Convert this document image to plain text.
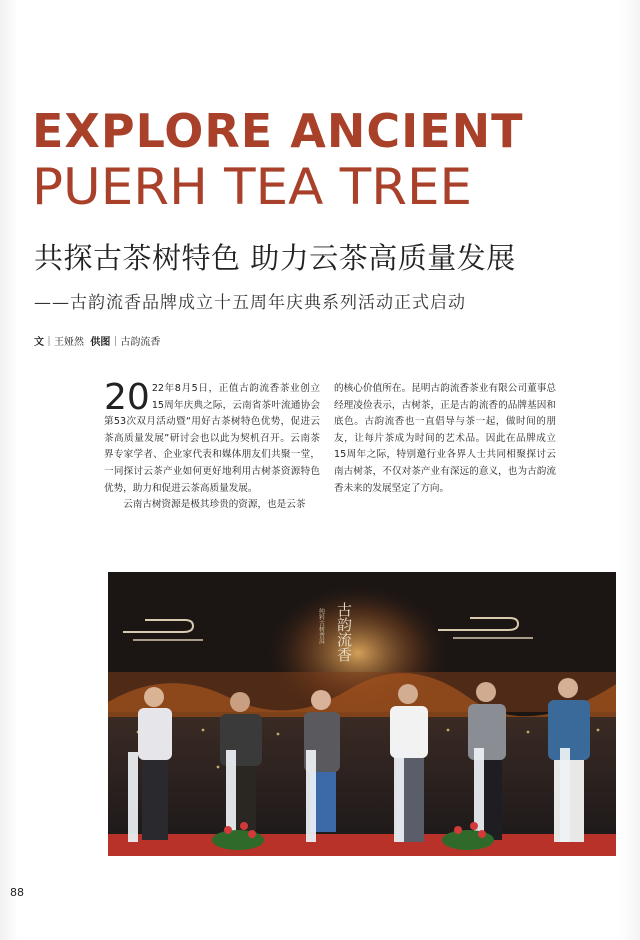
EXPLORE ANCIENT
PUERH TEA TREE
共探古茶树特色 助力云茶高质量发展
——古韵流香品牌成立十五周年庆典系列活动正式启动
文｜王娅然 供图｜古韵流香

20 22年8月5日，正值古韵流香茶业创立15周年庆典之际，云南省茶叶流通协会第53次双月活动暨“用好古茶树特色优势，促进云茶高质量发展”研讨会也以此为契机召开。云南茶界专家学者、企业家代表和媒体朋友们共聚一堂，一同探讨云茶产业如何更好地利用古树茶资源特色优势，助力和促进云茶高质量发展。

云南古树资源是极其珍贵的资源，也是云茶

的核心价值所在。昆明古韵流香茶业有限公司董事总经理凌俭表示，古树茶，正是古韵流香的品牌基因和底色。古韵流香也一直倡导与茶一起，做时间的朋友，让每片茶成为时间的艺术品。因此在品牌成立15周年之际，特别邀行业各界人士共同相聚探讨云南古树茶，不仅对茶产业有深远的意义，也为古韵流香未来的发展坚定了方向。

古韵流香
纯料古树普洱
88
